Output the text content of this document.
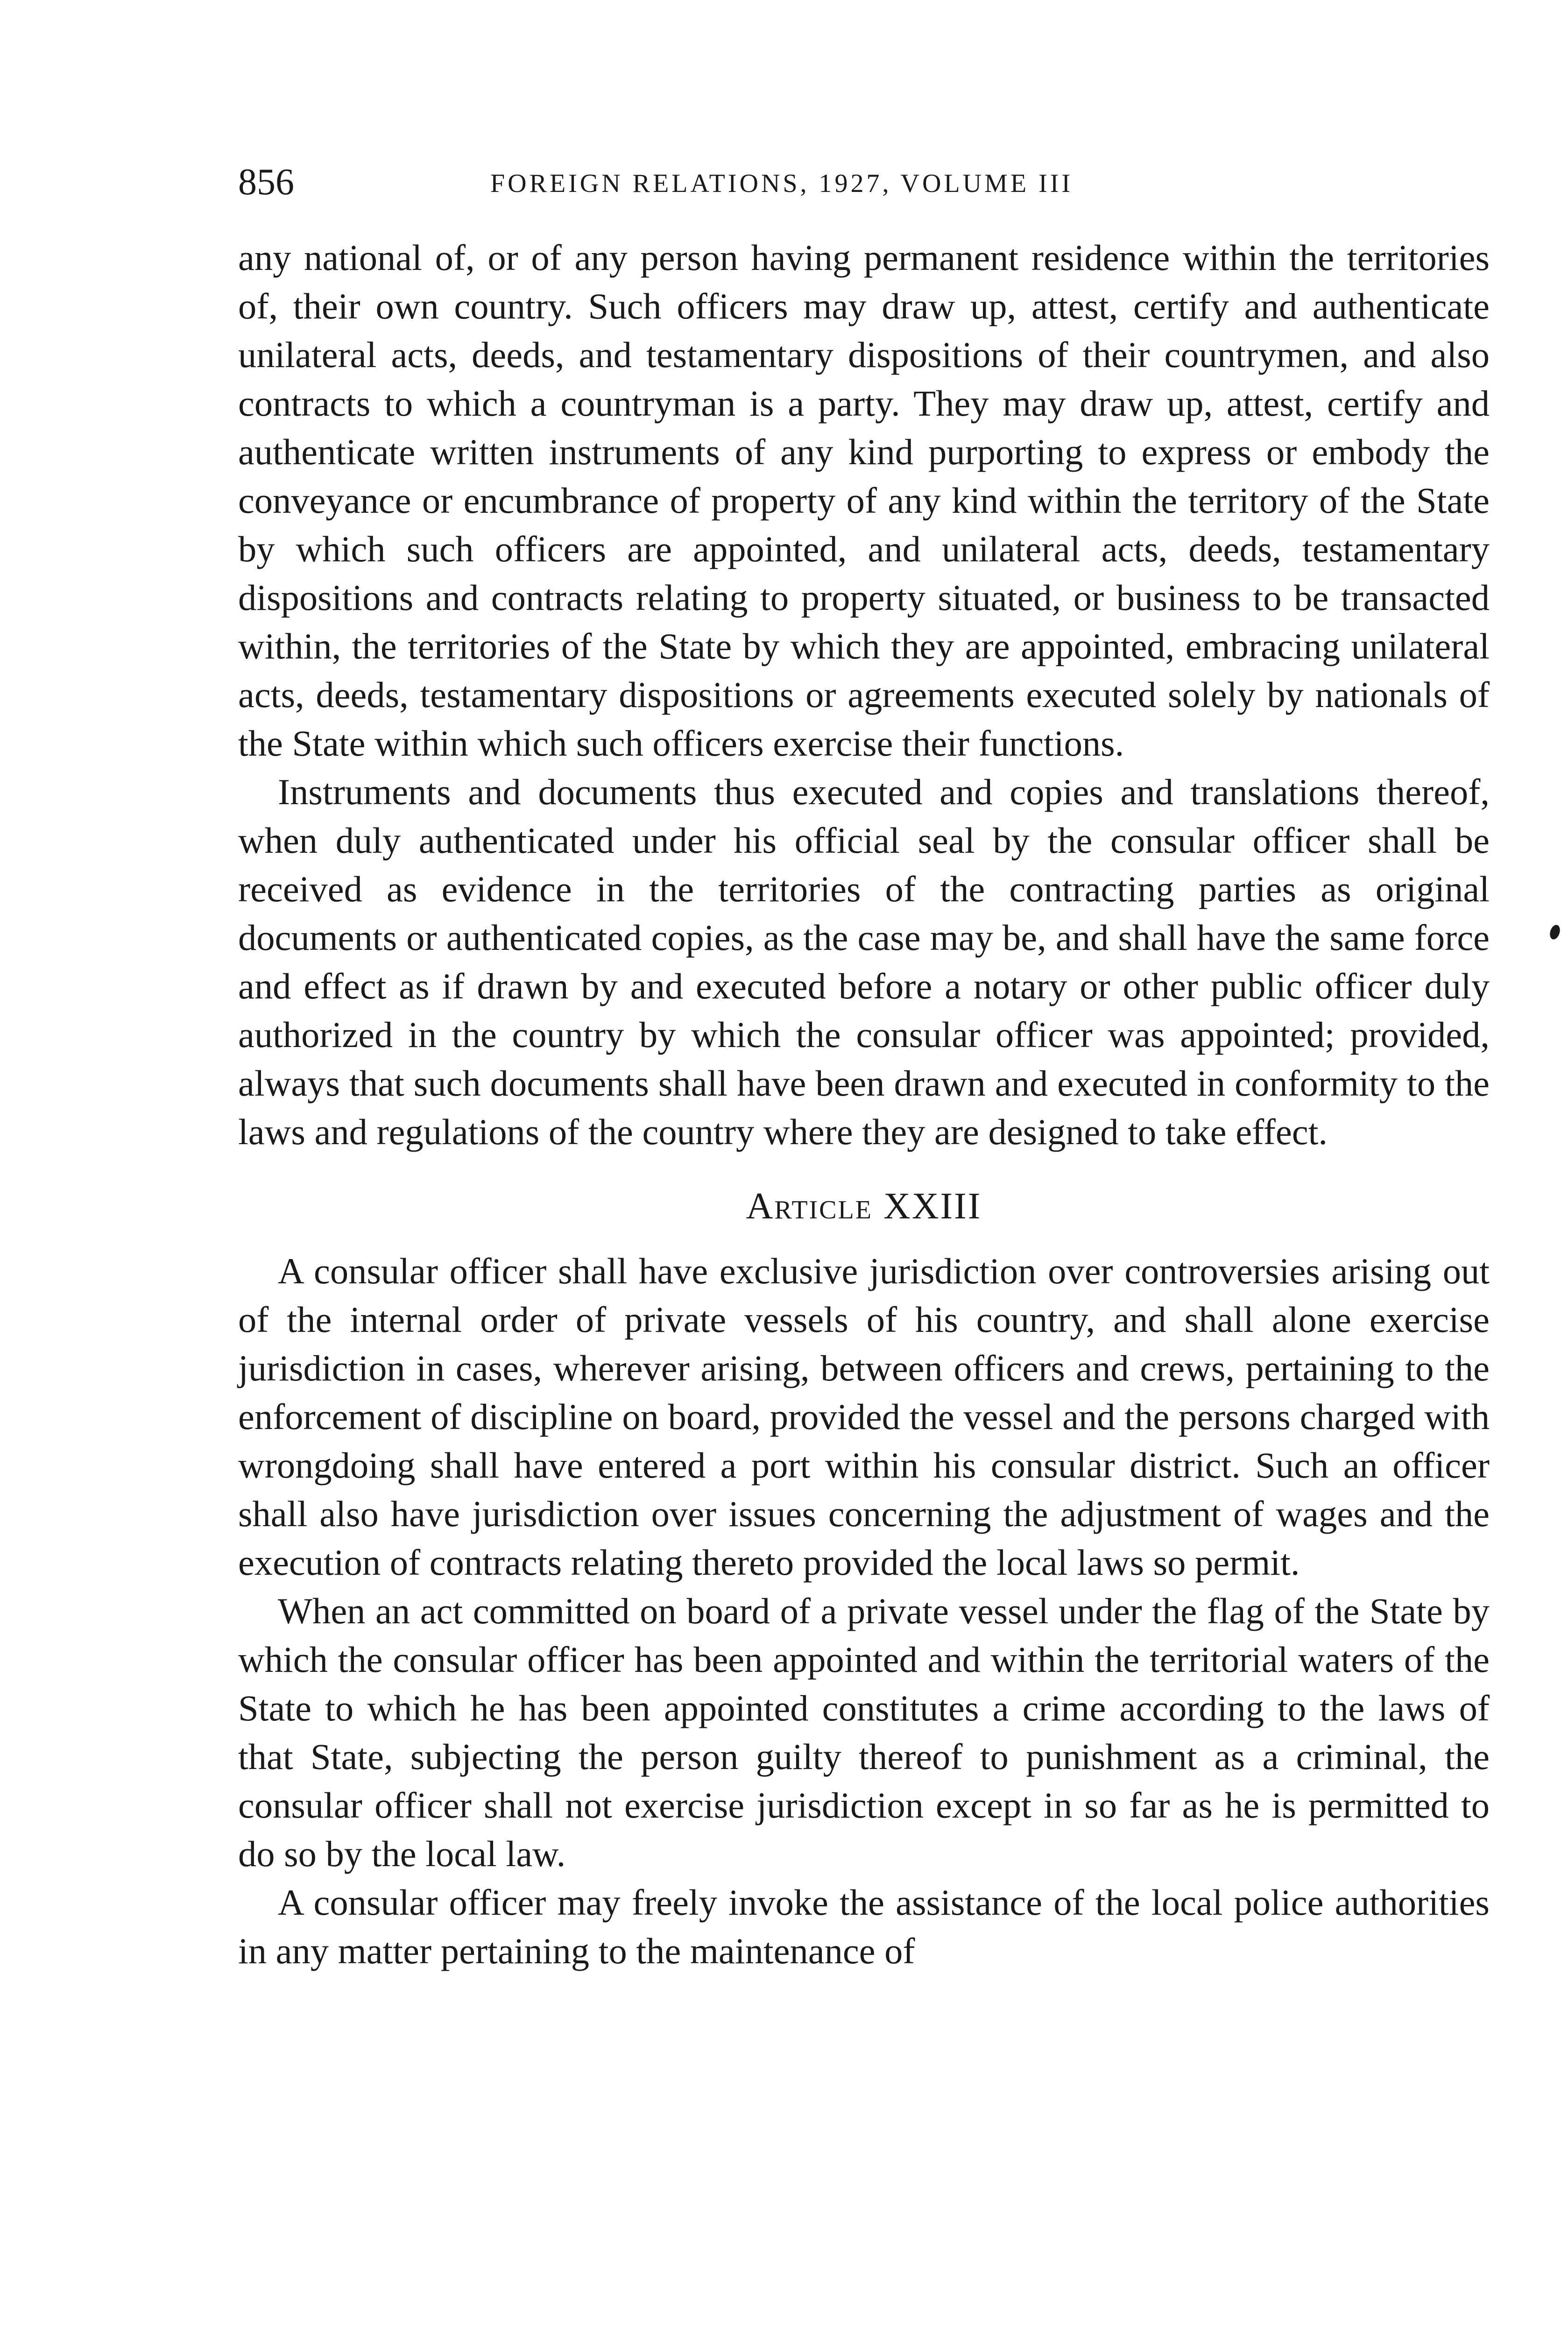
856	FOREIGN RELATIONS, 1927, VOLUME III

any national of, or of any person having permanent residence within the territories of, their own country. Such officers may draw up, attest, certify and authenticate unilateral acts, deeds, and testamentary dispositions of their countrymen, and also contracts to which a countryman is a party. They may draw up, attest, certify and authenticate written instruments of any kind purporting to express or embody the conveyance or encumbrance of property of any kind within the territory of the State by which such officers are appointed, and unilateral acts, deeds, testamentary dispositions and contracts relating to property situated, or business to be transacted within, the territories of the State by which they are appointed, embracing unilateral acts, deeds, testamentary dispositions or agreements executed solely by nationals of the State within which such officers exercise their functions.

Instruments and documents thus executed and copies and translations thereof, when duly authenticated under his official seal by the consular officer shall be received as evidence in the territories of the contracting parties as original documents or authenticated copies, as the case may be, and shall have the same force and effect as if drawn by and executed before a notary or other public officer duly authorized in the country by which the consular officer was appointed; provided, always that such documents shall have been drawn and executed in conformity to the laws and regulations of the country where they are designed to take effect.

Article XXIII

A consular officer shall have exclusive jurisdiction over controversies arising out of the internal order of private vessels of his country, and shall alone exercise jurisdiction in cases, wherever arising, between officers and crews, pertaining to the enforcement of discipline on board, provided the vessel and the persons charged with wrongdoing shall have entered a port within his consular district. Such an officer shall also have jurisdiction over issues concerning the adjustment of wages and the execution of contracts relating thereto provided the local laws so permit.

When an act committed on board of a private vessel under the flag of the State by which the consular officer has been appointed and within the territorial waters of the State to which he has been appointed constitutes a crime according to the laws of that State, subjecting the person guilty thereof to punishment as a criminal, the consular officer shall not exercise jurisdiction except in so far as he is permitted to do so by the local law.

A consular officer may freely invoke the assistance of the local police authorities in any matter pertaining to the maintenance of
